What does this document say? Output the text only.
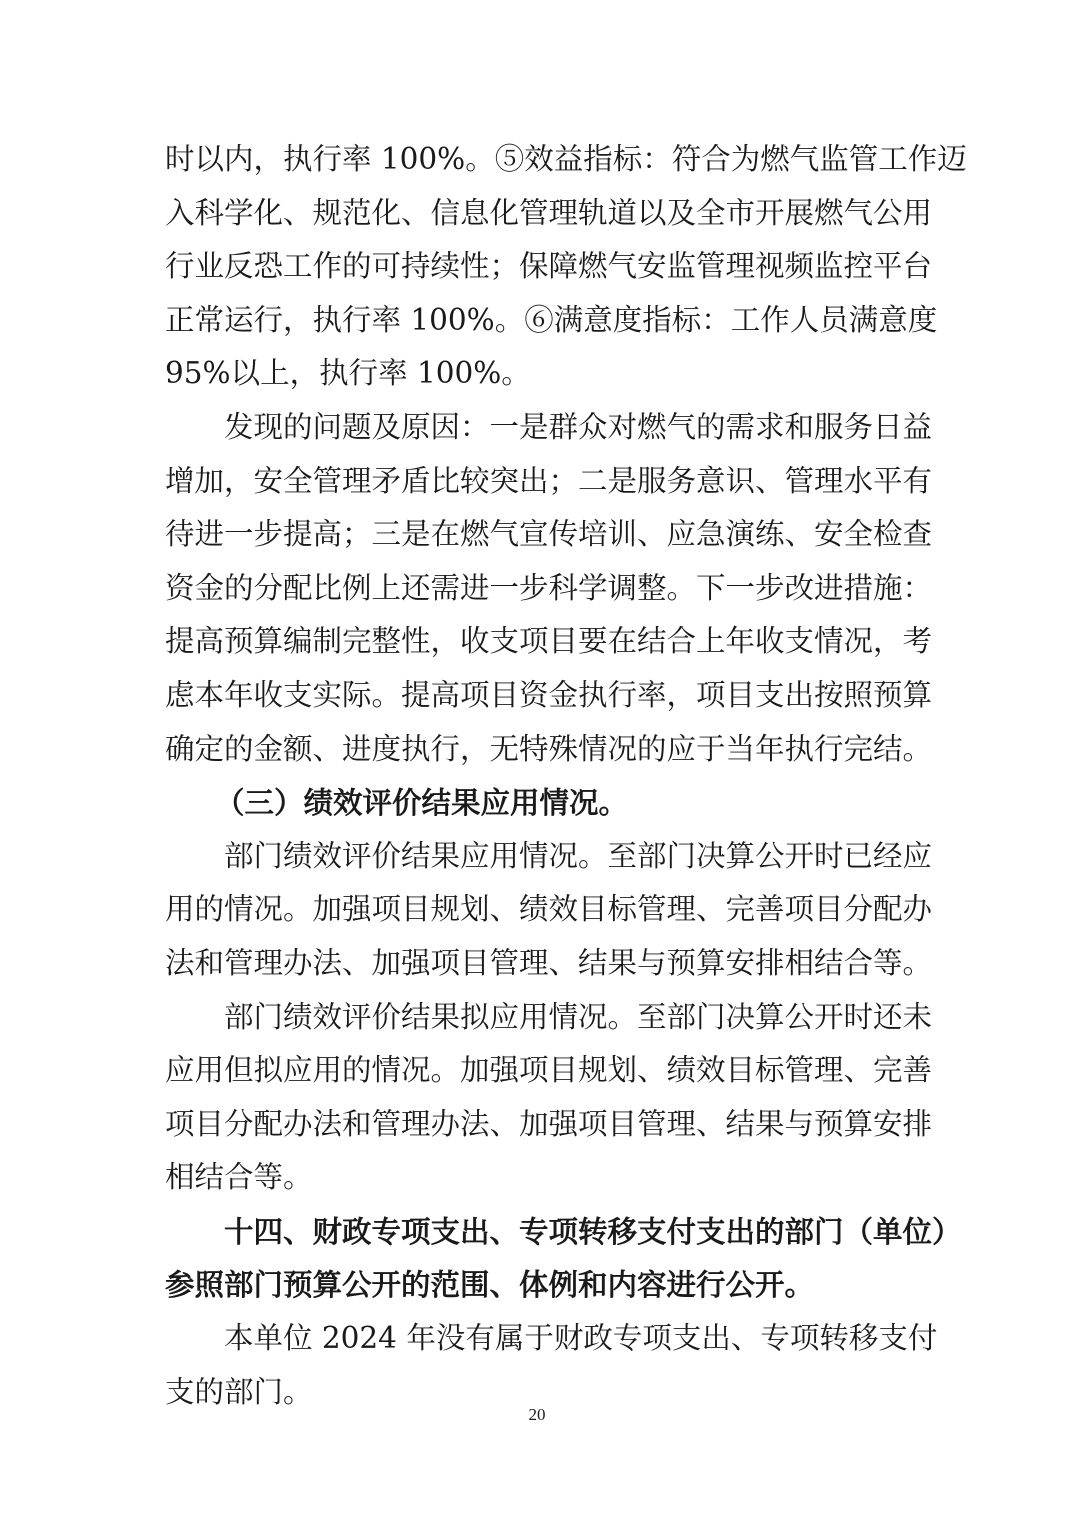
时以内，执行率 100%。⑤效益指标：符合为燃气监管工作迈
入科学化、规范化、信息化管理轨道以及全市开展燃气公用
行业反恐工作的可持续性；保障燃气安监管理视频监控平台
正常运行，执行率 100%。⑥满意度指标：工作人员满意度
95%以上，执行率 100%。
发现的问题及原因：一是群众对燃气的需求和服务日益
增加，安全管理矛盾比较突出；二是服务意识、管理水平有
待进一步提高；三是在燃气宣传培训、应急演练、安全检查
资金的分配比例上还需进一步科学调整。下一步改进措施：
提高预算编制完整性，收支项目要在结合上年收支情况，考
虑本年收支实际。提高项目资金执行率，项目支出按照预算
确定的金额、进度执行，无特殊情况的应于当年执行完结。
（三）绩效评价结果应用情况。
部门绩效评价结果应用情况。至部门决算公开时已经应
用的情况。加强项目规划、绩效目标管理、完善项目分配办
法和管理办法、加强项目管理、结果与预算安排相结合等。
部门绩效评价结果拟应用情况。至部门决算公开时还未
应用但拟应用的情况。加强项目规划、绩效目标管理、完善
项目分配办法和管理办法、加强项目管理、结果与预算安排
相结合等。
十四、财政专项支出、专项转移支付支出的部门（单位）
参照部门预算公开的范围、体例和内容进行公开。
本单位 2024 年没有属于财政专项支出、专项转移支付
支的部门。
20
